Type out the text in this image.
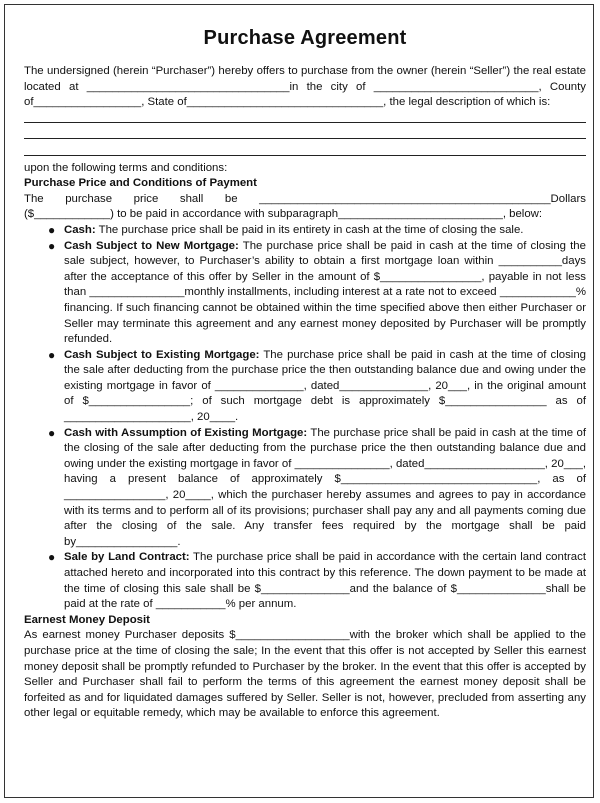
Purchase Agreement

The undersigned (herein “Purchaser”) hereby offers to purchase from the owner (herein “Seller”) the real estate located at ________________________________in the city of __________________________, County of_________________, State of_______________________________, the legal description of which is:

upon the following terms and conditions:

Purchase Price and Conditions of Payment

The purchase price shall be ______________________________________________Dollars ($____________) to be paid in accordance with subparagraph__________________________, below:

● Cash: The purchase price shall be paid in its entirety in cash at the time of closing the sale.
● Cash Subject to New Mortgage: The purchase price shall be paid in cash at the time of closing the sale subject, however, to Purchaser’s ability to obtain a first mortgage loan within __________days after the acceptance of this offer by Seller in the amount of $________________, payable in not less than _______________monthly installments, including interest at a rate not to exceed ____________% financing. If such financing cannot be obtained within the time specified above then either Purchaser or Seller may terminate this agreement and any earnest money deposited by Purchaser will be promptly refunded.
● Cash Subject to Existing Mortgage: The purchase price shall be paid in cash at the time of closing the sale after deducting from the purchase price the then outstanding balance due and owing under the existing mortgage in favor of ______________, dated______________, 20___, in the original amount of $________________; of such mortgage debt is approximately $________________ as of ____________________, 20____.
● Cash with Assumption of Existing Mortgage: The purchase price shall be paid in cash at the time of the closing of the sale after deducting from the purchase price the then outstanding balance due and owing under the existing mortgage in favor of _______________, dated___________________, 20___, having a present balance of approximately $_______________________________, as of ________________, 20____, which the purchaser hereby assumes and agrees to pay in accordance with its terms and to perform all of its provisions; purchaser shall pay any and all payments coming due after the closing of the sale. Any transfer fees required by the mortgage shall be paid by________________.
● Sale by Land Contract: The purchase price shall be paid in accordance with the certain land contract attached hereto and incorporated into this contract by this reference. The down payment to be made at the time of closing this sale shall be $______________and the balance of $______________shall be paid at the rate of ___________% per annum.
Earnest Money Deposit

As earnest money Purchaser deposits $__________________with the broker which shall be applied to the purchase price at the time of closing the sale; In the event that this offer is not accepted by Seller this earnest money deposit shall be promptly refunded to Purchaser by the broker. In the event that this offer is accepted by Seller and Purchaser shall fail to perform the terms of this agreement the earnest money deposit shall be forfeited as and for liquidated damages suffered by Seller. Seller is not, however, precluded from asserting any other legal or equitable remedy, which may be available to enforce this agreement.
